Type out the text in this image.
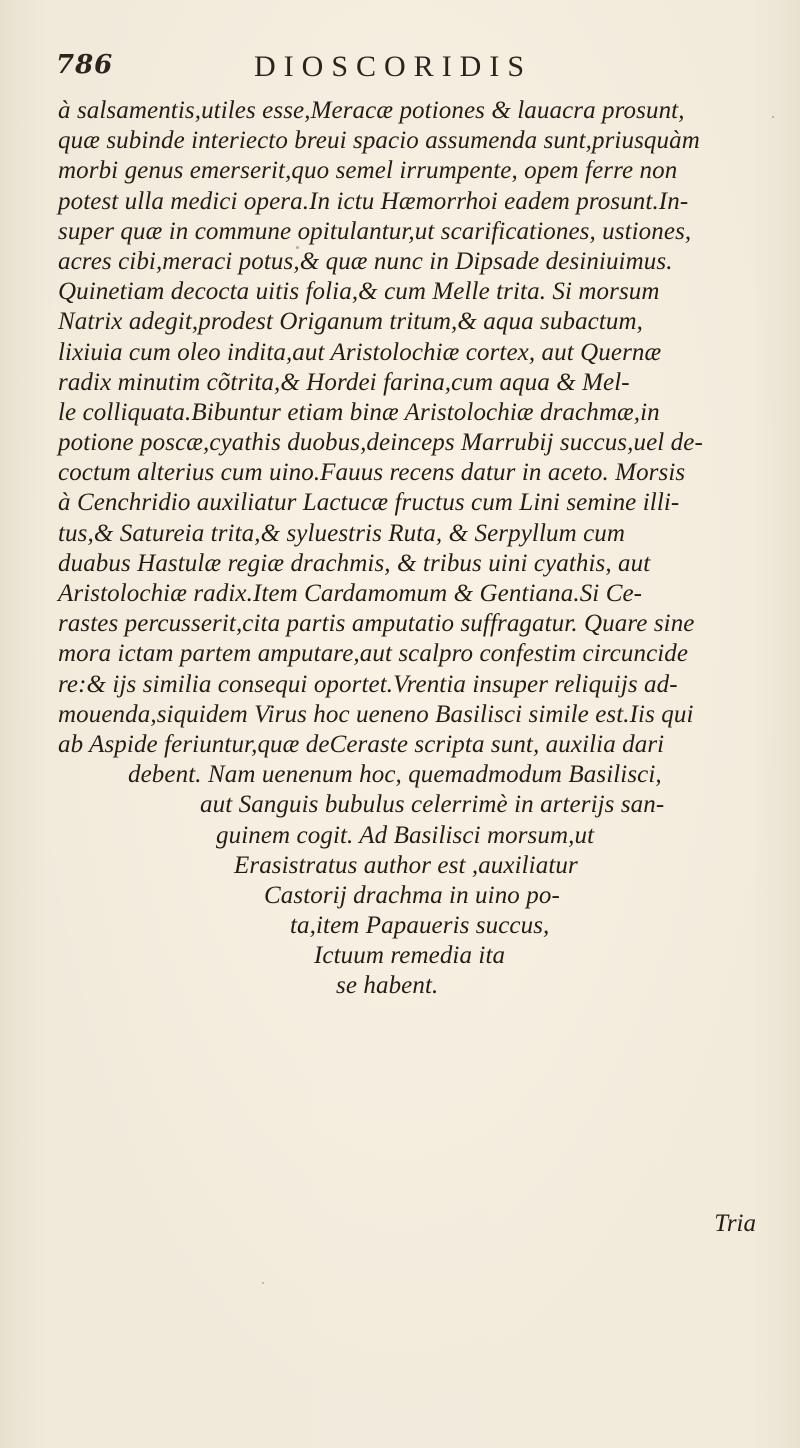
786	DIOSCORIDIS
à salsamentis,utiles esse,Meracæ potiones & lauacra prosunt,
quæ subinde interiecto breui spacio assumenda sunt,priusquàm
morbi genus emerserit,quo semel irrumpente, opem ferre non
potest ulla medici opera.In ictu Hæmorrhoi eadem prosunt.In-
super quæ in commune opitulantur,ut scarificationes, ustiones,
acres cibi,meraci potus,& quæ nunc in Dipsade desiniuimus.
Quinetiam decocta uitis folia,& cum Melle trita. Si morsum
Natrix adegit,prodest Origanum tritum,& aqua subactum,
lixiuia cum oleo indita,aut Aristolochiæ cortex, aut Quernæ
radix minutim cõtrita,& Hordei farina,cum aqua & Mel-
le colliquata.Bibuntur etiam binæ Aristolochiæ drachmæ,in
potione poscæ,cyathis duobus,deinceps Marrubij succus,uel de-
coctum alterius cum uino.Fauus recens datur in aceto. Morsis
à Cenchridio auxiliatur Lactucæ fructus cum Lini semine illi-
tus,& Satureia trita,& syluestris Ruta, & Serpyllum cum
duabus Hastulæ regiæ drachmis, & tribus uini cyathis, aut
Aristolochiæ radix.Item Cardamomum & Gentiana.Si Ce-
rastes percusserit,cita partis amputatio suffragatur. Quare sine
mora ictam partem amputare,aut scalpro confestim circuncide
re:& ijs similia consequi oportet.Vrentia insuper reliquijs ad-
mouenda,siquidem Virus hoc ueneno Basilisci simile est.Iis qui
ab Aspide feriuntur,quæ deCeraste scripta sunt, auxilia dari
debent. Nam uenenum hoc, quemadmodum Basilisci,
aut Sanguis bubulus celerrimè in arterijs san-
guinem cogit. Ad Basilisci morsum,ut
Erasistratus author est ,auxiliatur
Castorij drachma in uino po-
ta,item Papaueris succus,
Ictuum remedia ita
se habent.
Tria
